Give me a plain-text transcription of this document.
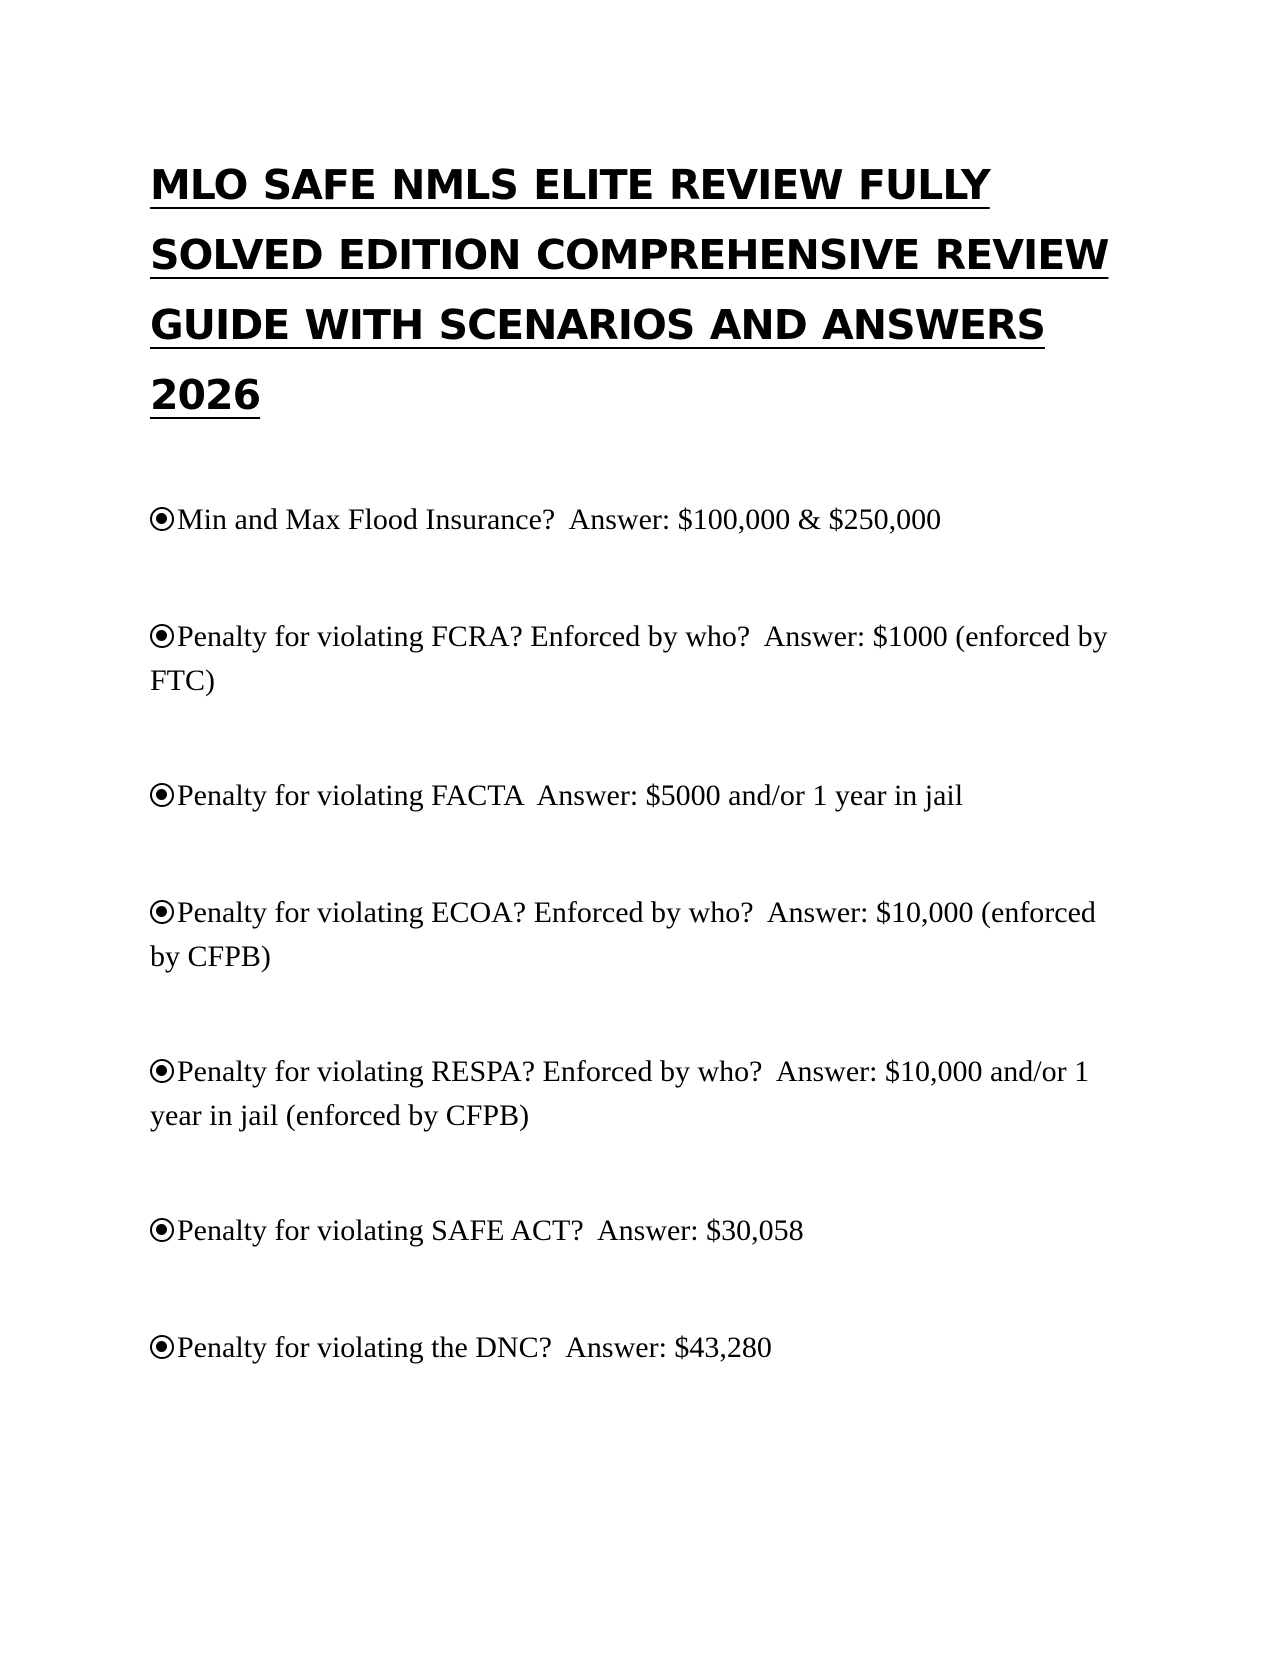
MLO SAFE NMLS ELITE REVIEW FULLY SOLVED EDITION COMPREHENSIVE REVIEW GUIDE WITH SCENARIOS AND ANSWERS 2026
Min and Max Flood Insurance?  Answer: $100,000 & $250,000
Penalty for violating FCRA? Enforced by who?  Answer: $1000 (enforced by FTC)
Penalty for violating FACTA  Answer: $5000 and/or 1 year in jail
Penalty for violating ECOA? Enforced by who?  Answer: $10,000 (enforced by CFPB)
Penalty for violating RESPA? Enforced by who?  Answer: $10,000 and/or 1 year in jail (enforced by CFPB)
Penalty for violating SAFE ACT?  Answer: $30,058
Penalty for violating the DNC?  Answer: $43,280
